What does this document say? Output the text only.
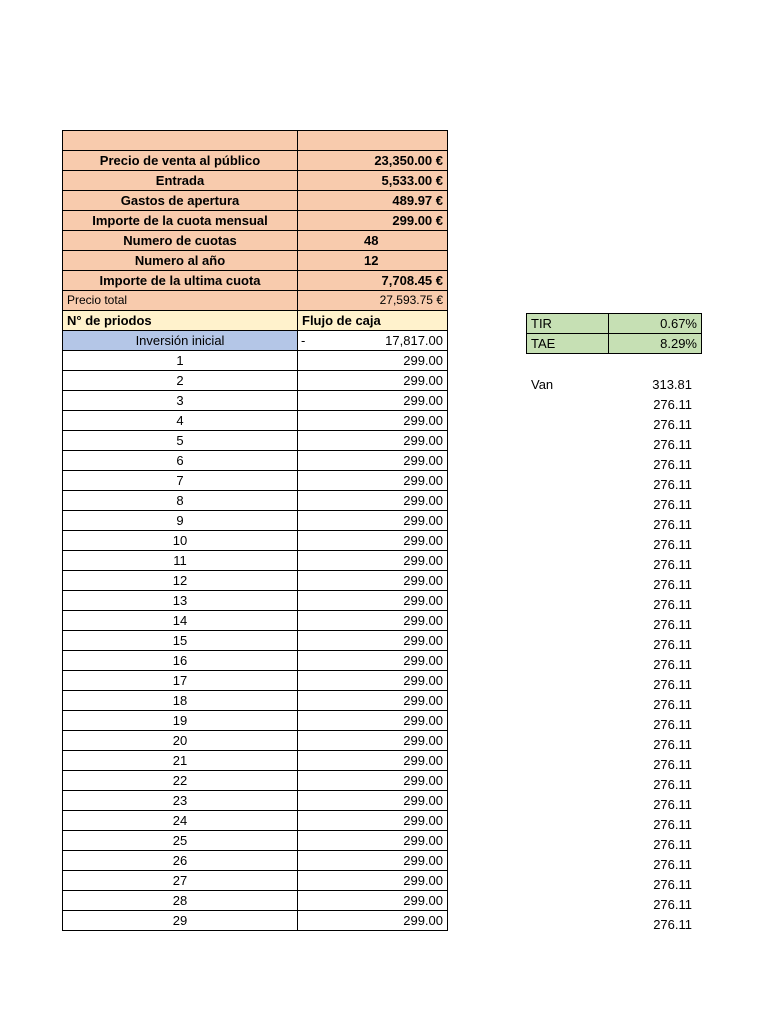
Precio de venta al público	23,350.00 €
Entrada	5,533.00 €
Gastos de apertura	489.97 €
Importe de la cuota mensual	299.00 €
Numero de cuotas	48
Numero al año	12
Importe de la ultima cuota	7,708.45 €
Precio total	27,593.75 €
N° de priodos	Flujo de caja
Inversión inicial	- 17,817.00
1	299.00
2	299.00
3	299.00
4	299.00
5	299.00
6	299.00
7	299.00
8	299.00
9	299.00
10	299.00
11	299.00
12	299.00
13	299.00
14	299.00
15	299.00
16	299.00
17	299.00
18	299.00
19	299.00
20	299.00
21	299.00
22	299.00
23	299.00
24	299.00
25	299.00
26	299.00
27	299.00
28	299.00
29	299.00
TIR	0.67%
TAE	8.29%
Van	313.81
	276.11
	276.11
	276.11
	276.11
	276.11
	276.11
	276.11
	276.11
	276.11
	276.11
	276.11
	276.11
	276.11
	276.11
	276.11
	276.11
	276.11
	276.11
	276.11
	276.11
	276.11
	276.11
	276.11
	276.11
	276.11
	276.11
	276.11
